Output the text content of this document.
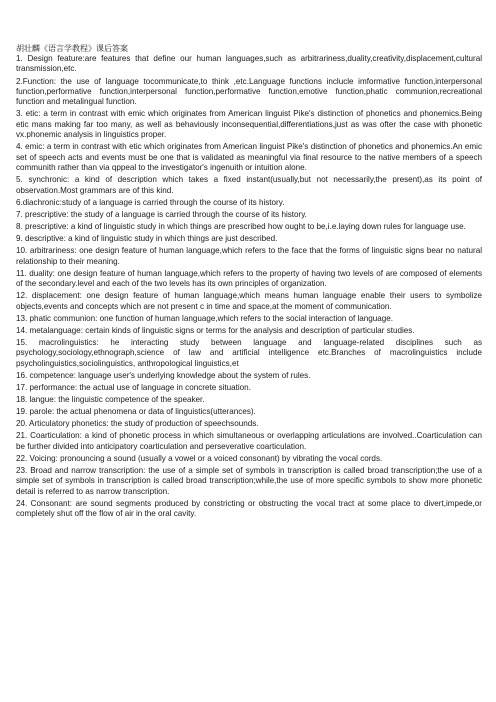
胡壮麟《语言学教程》课后答案

1. Design feature:are features that define our human languages,such as arbitrariness,duality,creativity,displacement,cultural transmission,etc.

2.Function: the use of language tocommunicate,to think ,etc.Language functions inclucle imformative function,interpersonal function,performative function,interpersonal function,performative function,emotive function,phatic communion,recreational function and metalingual function.

3. etic: a term in contrast with emic which originates from American linguist Pike's distinction of phonetics and phonemics.Being etic mans making far too many, as well as behaviously inconsequential,differentiations,just as was ofter the case with phonetic vx.phonemic analysis in linguistics proper.

4. emic: a term in contrast with etic which originates from American linguist Pike's distinction of phonetics and phonemics.An emic set of speech acts and events must be one that is validated as meaningful via final resource to the native members of a speech communith rather than via qppeal to the investigator's ingenuith or intuition alone.

5. synchronic: a kind of description which takes a fixed instant(usually,but not necessarily,the present),as its point of observation.Most grammars are of this kind.

6.diachronic:study of a language is carried through the course of its history.

7. prescriptive: the study of a language is carried through the course of its history.

8. prescriptive: a kind of linguistic study in which things are prescribed how ought to be,i.e.laying down rules for language use.

9. descriptive: a kind of linguistic study in which things are just described.

10. arbitrariness: one design feature of human language,which refers to the face that the forms of linguistic signs bear no natural relationship to their meaning.

11. duality: one design feature of human language,which refers to the property of having two levels of are composed of elements of the secondary.level and each of the two levels has its own principles of organization.

12. displacement: one design feature of human language,which means human language enable their users to symbolize objects,events and concepts which are not present c in time and space,at the moment of communication.

13. phatic communion: one function of human language,which refers to the social interaction of language.

14. metalanguage: certain kinds of linguistic signs or terms for the analysis and description of particular studies.

15. macrolinguistics: he interacting study between language and language-related disciplines such as psychology,sociology,ethnograph,science of law and artificial intelligence etc.Branches of macrolinguistics include psycholinguistics,sociolinguistics, anthropological linguistics,et

16. competence: language user's underlying knowledge about the system of rules.

17. performance: the actual use of language in concrete situation.

18. langue: the linguistic competence of the speaker.

19. parole: the actual phenomena or data of linguistics(utterances).

20. Articulatory phonetics: the study of production of speechsounds.

21. Coarticulation: a kind of phonetic process in which simultaneous or overlapping articulations are involved..Coarticulation can be further divided into anticipatory coarticulation and perseverative coarticulation.

22. Voicing: pronouncing a sound (usually a vowel or a voiced consonant) by vibrating the vocal cords.

23. Broad and narrow transcription: the use of a simple set of symbols in transcription is called broad transcription;the use of a simple set of symbols in transcription is called broad transcription;while,the use of more specific symbols to show more phonetic detail is referred to as narrow transcription.

24. Consonant: are sound segments produced by constricting or obstructing the vocal tract at some place to divert,impede,or completely shut off the flow of air in the oral cavity.
